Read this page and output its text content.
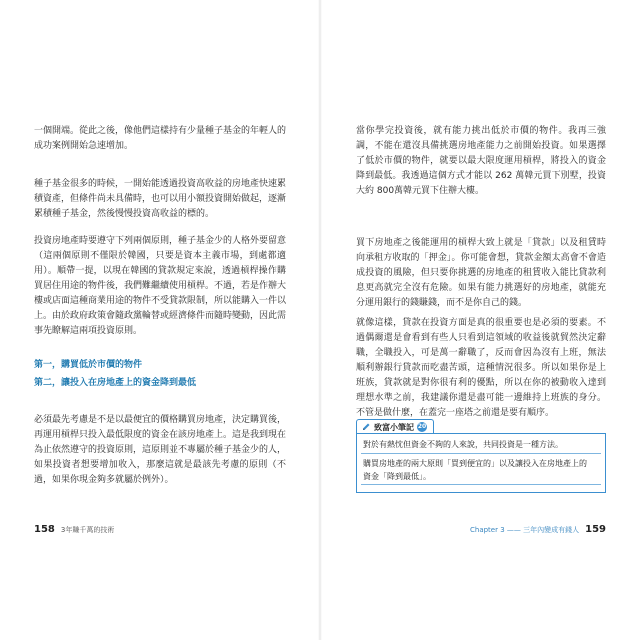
一個開端。從此之後，像他們這樣持有少量種子基金的年輕人的成功案例開始急速增加。

種子基金很多的時候，一開始能透過投資高收益的房地產快速累積資產，但條件尚未具備時，也可以用小額投資開始做起，逐漸累積種子基金，然後慢慢投資高收益的標的。

投資房地產時要遵守下列兩個原則，種子基金少的人格外要留意（這兩個原則不僅限於韓國，只要是資本主義市場，到處都適用）。順帶一提，以現在韓國的貸款規定來說，透過槓桿操作購買居住用途的物件後，我們難繼續使用槓桿。不過，若是作辦大樓或店面這種商業用途的物件不受貸款限制，所以能購入一件以上。由於政府政策會隨政黨輪替或經濟條件而隨時變動，因此需事先瞭解這兩項投資原則。

第一，購買低於市價的物件
第二，讓投入在房地產上的資金降到最低

必須最先考慮是不是以最便宜的價格購買房地產，決定購買後，再運用槓桿只投入最低限度的資金在該房地產上。這是我到現在為止依然遵守的投資原則，這原則並不專屬於種子基金少的人，如果投資者想要增加收入，那麼這就是最該先考慮的原則（不過，如果你現金夠多就屬於例外）。

158 3年賺千萬的技術

當你學完投資後，就有能力挑出低於市價的物件。我再三強調，不能在還沒具備挑選房地產能力之前開始投資。如果選擇了低於市價的物件，就要以最大限度運用槓桿，將投入的資金降到最低。我透過這個方式才能以 262 萬韓元買下別墅，投資大約 800萬韓元買下住辦大樓。

買下房地產之後能運用的槓桿大致上就是「貸款」以及租賃時向承租方收取的「押金」。你可能會想，貸款金額太高會不會造成投資的風險，但只要你挑選的房地產的租賃收入能比貸款利息更高就完全沒有危險。如果有能力挑選好的房地產，就能充分運用銀行的錢賺錢，而不是你自己的錢。

就像這樣，貸款在投資方面是真的很重要也是必須的要素。不過偶爾還是會看到有些人只看到這領域的收益後就貿然決定辭職，全職投入，可是萬一辭職了，反而會因為沒有上班，無法順利辦銀行貸款而吃盡苦頭，這種情況很多。所以如果你是上班族，貸款就是對你很有利的優點，所以在你的被動收入達到理想水準之前，我建議你還是盡可能一邊維持上班族的身分。不管是做什麼，在蓋完一座塔之前還是要有順序。

Chapter 3 —— 三年內變成有錢人 159
致富小筆記 20

對於有熱忱但資金不夠的人來說，共同投資是一種方法。

購買房地產的兩大原則「買到便宜的」以及讓投入在房地產上的

資金「降到最低」。
